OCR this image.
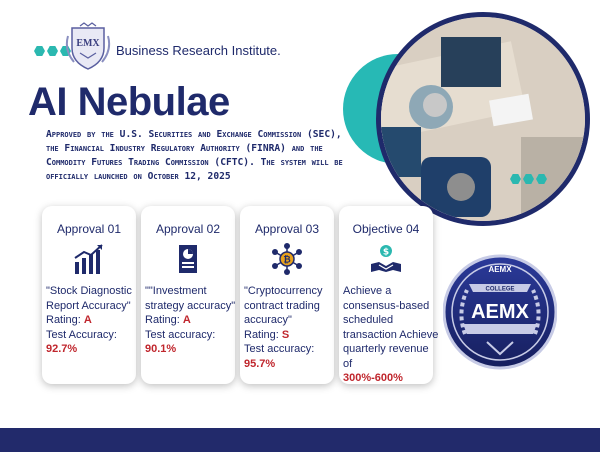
EMX Business Research Institute.
AI Nebulae
Approved by the U.S. Securities and Exchange Commission (SEC), the Financial Industry Regulatory Authority (FINRA) and the Commodity Futures Trading Commission (CFTC). The system will be officially launched on October 12, 2025
Approval 01
"Stock Diagnostic Report Accuracy"
Rating: A
Test Accuracy:
92.7%
Approval 02
""Investment strategy accuracy"
Rating: A
Test accuracy:
90.1%
Approval 03
₿
"Cryptocurrency contract trading accuracy"
Rating: S
Test accuracy:
95.7%
Objective 04
$
Achieve a consensus-based scheduled transaction Achieve quarterly revenue of
300%-600%
AEMX
COLLEGE
AEMX
